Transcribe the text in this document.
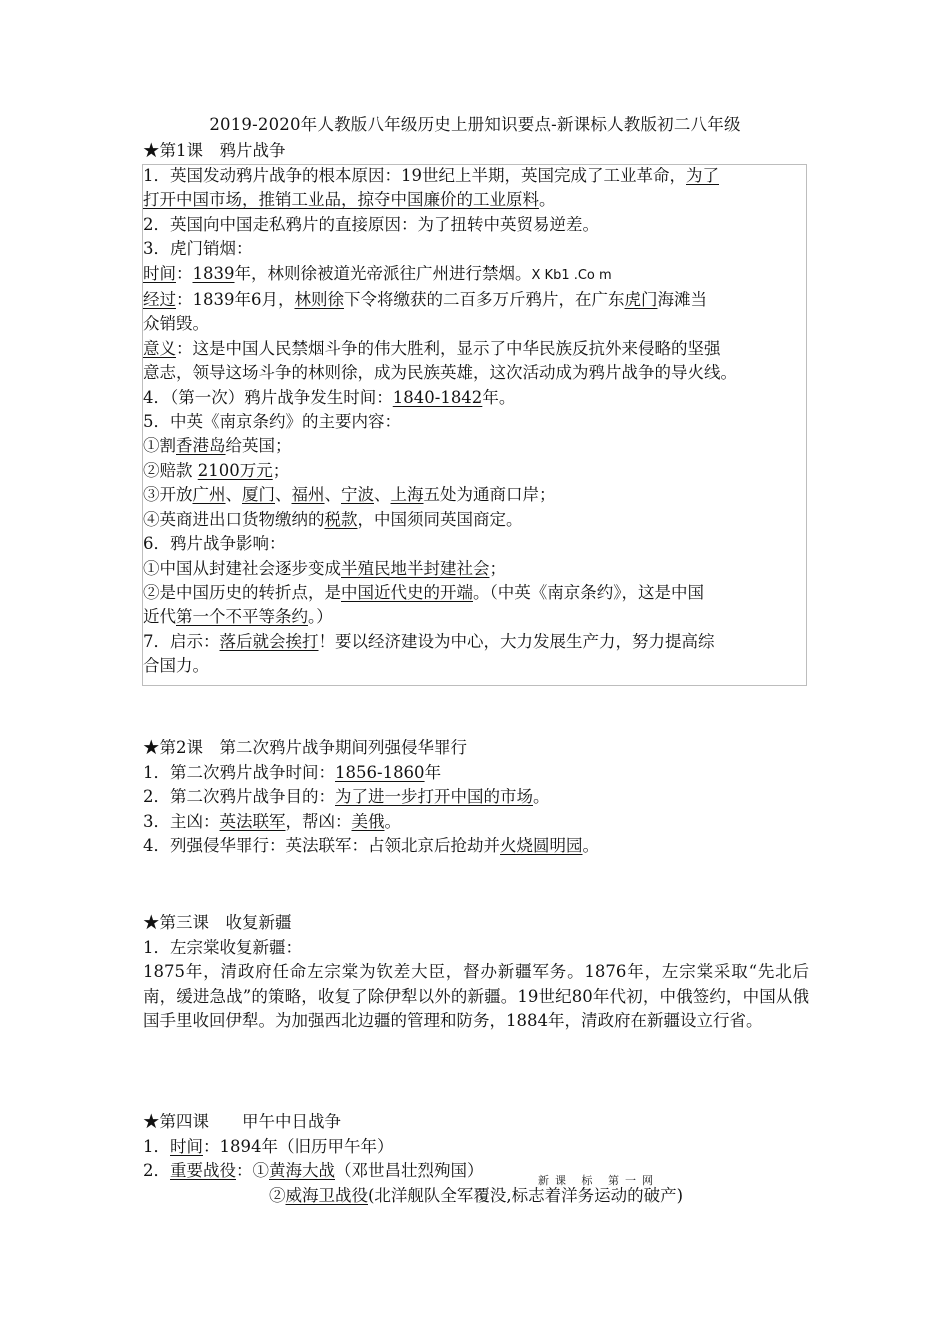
2019-2020年人教版八年级历史上册知识要点-新课标人教版初二八年级
★第1课　鸦片战争
1．英国发动鸦片战争的根本原因：19世纪上半期，英国完成了工业革命，为了
打开中国市场，推销工业品，掠夺中国廉价的工业原料。
2．英国向中国走私鸦片的直接原因：为了扭转中英贸易逆差。
3．虎门销烟：
时间：1839年，林则徐被道光帝派往广州进行禁烟。X Kb1 .Co m
经过：1839年6月，林则徐下令将缴获的二百多万斤鸦片，在广东虎门海滩当
众销毁。
意义：这是中国人民禁烟斗争的伟大胜利，显示了中华民族反抗外来侵略的坚强
意志，领导这场斗争的林则徐，成为民族英雄，这次活动成为鸦片战争的导火线。
4．（第一次）鸦片战争发生时间：1840-1842年。
5．中英《南京条约》的主要内容：
①割香港岛给英国；
②赔款 2100万元；
③开放广州、厦门、福州、宁波、上海五处为通商口岸；
④英商进出口货物缴纳的税款，中国须同英国商定。
6．鸦片战争影响：
①中国从封建社会逐步变成半殖民地半封建社会；
②是中国历史的转折点，是中国近代史的开端。（中英《南京条约》，这是中国
近代第一个不平等条约。）
7．启示：落后就会挨打！要以经济建设为中心，大力发展生产力，努力提高综
合国力。
★第2课　第二次鸦片战争期间列强侵华罪行
1．第二次鸦片战争时间：1856-1860年
2．第二次鸦片战争目的：为了进一步打开中国的市场。
3．主凶：英法联军，帮凶：美俄。
4．列强侵华罪行：英法联军：占领北京后抢劫并火烧圆明园。
★第三课　收复新疆
1．左宗棠收复新疆：
1875年，清政府任命左宗棠为钦差大臣，督办新疆军务。1876年，左宗棠采取“先北后南，缓进急战”的策略，收复了除伊犁以外的新疆。19世纪80年代初，中俄签约，中国从俄国手里收回伊犁。为加强西北边疆的管理和防务，1884年，清政府在新疆设立行省。
★第四课　　甲午中日战争
1．时间：1894年（旧历甲午年）
2．重要战役：①黄海大战（邓世昌壮烈殉国）
②威海卫战役(北洋舰队全军覆没,标志着洋务运动的破产)
新课 标 第一网
